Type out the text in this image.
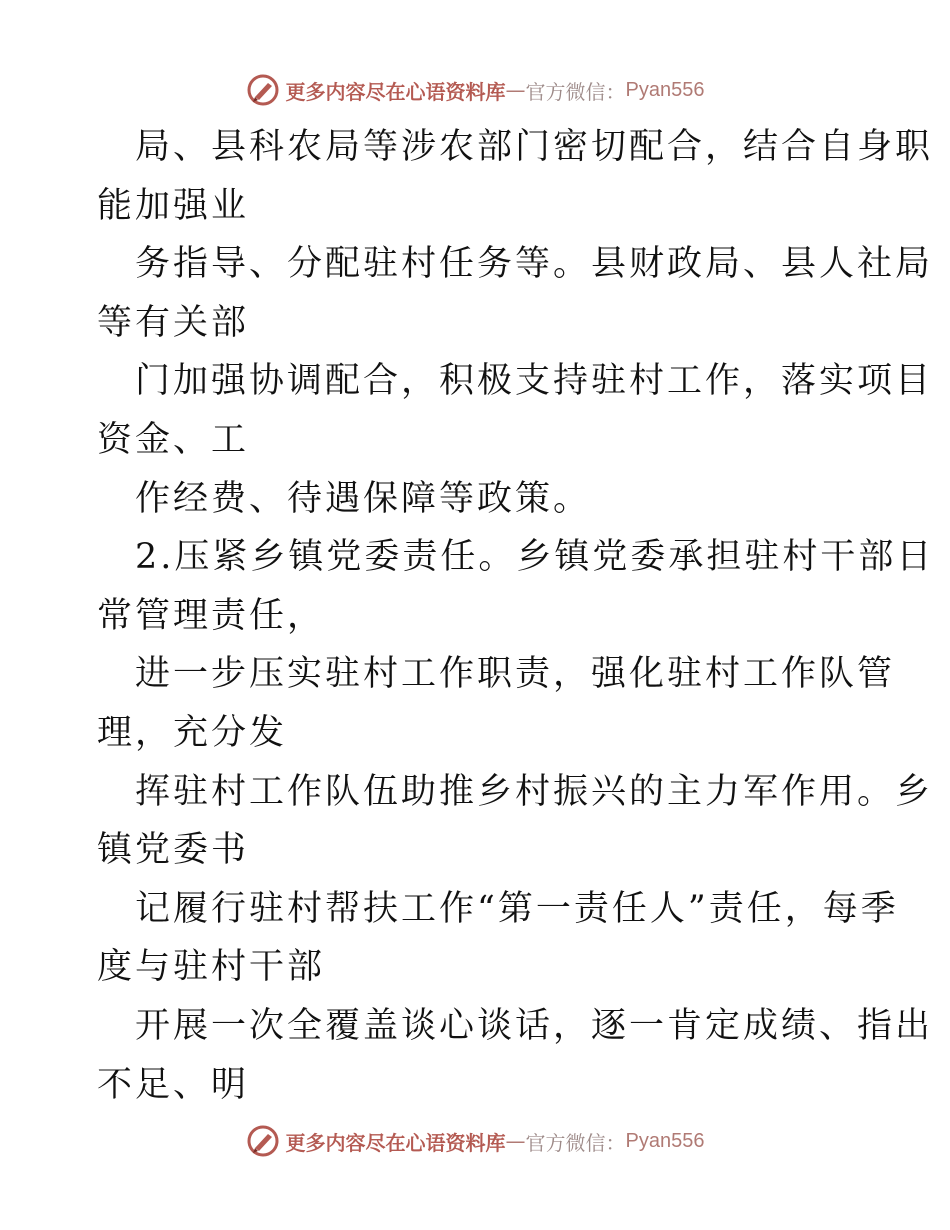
更多内容尽在心语资料库 — 官方微信： Pyan556
局、县科农局等涉农部门密切配合，结合自身职
能加强业
务指导、分配驻村任务等。县财政局、县人社局
等有关部
门加强协调配合，积极支持驻村工作，落实项目
资金、工
作经费、待遇保障等政策。
2.压紧乡镇党委责任。乡镇党委承担驻村干部日
常管理责任，
进一步压实驻村工作职责，强化驻村工作队管
理，充分发
挥驻村工作队伍助推乡村振兴的主力军作用。乡
镇党委书
记履行驻村帮扶工作“第一责任人”责任，每季
度与驻村干部
开展一次全覆盖谈心谈话，逐一肯定成绩、指出
不足、明
更多内容尽在心语资料库 — 官方微信： Pyan556
